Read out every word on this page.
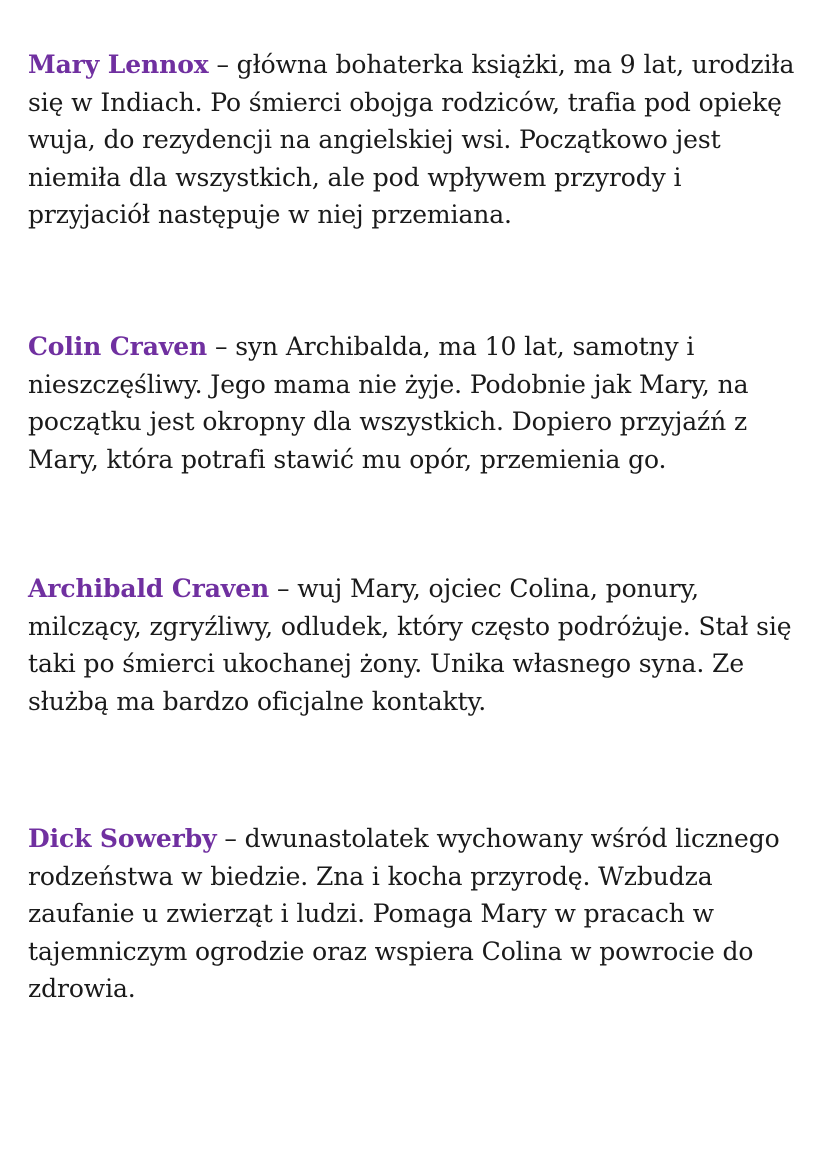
Mary Lennox – główna bohaterka książki, ma 9 lat, urodziła się w Indiach. Po śmierci obojga rodziców, trafia pod opiekę wuja, do rezydencji na angielskiej wsi. Początkowo jest niemiła dla wszystkich, ale pod wpływem przyrody i przyjaciół następuje w niej przemiana.

Colin Craven – syn Archibalda, ma 10 lat, samotny i nieszczęśliwy. Jego mama nie żyje. Podobnie jak Mary, na początku jest okropny dla wszystkich. Dopiero przyjaźń z Mary, która potrafi stawić mu opór, przemienia go.

Archibald Craven – wuj Mary, ojciec Colina, ponury, milczący, zgryźliwy, odludek, który często podróżuje. Stał się taki po śmierci ukochanej żony. Unika własnego syna. Ze służbą ma bardzo oficjalne kontakty.

Dick Sowerby – dwunastolatek wychowany wśród licznego rodzeństwa w biedzie. Zna i kocha przyrodę. Wzbudza zaufanie u zwierząt i ludzi. Pomaga Mary w pracach w tajemniczym ogrodzie oraz wspiera Colina w powrocie do zdrowia.
